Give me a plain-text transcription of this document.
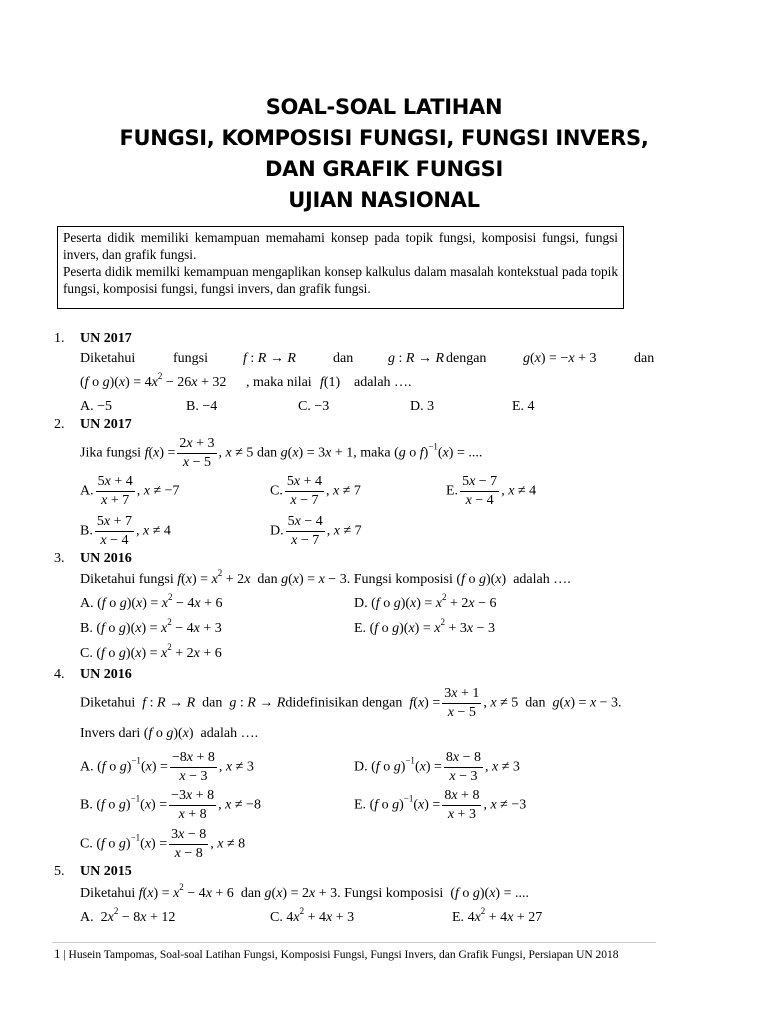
SOAL-SOAL LATIHAN
FUNGSI, KOMPOSISI FUNGSI, FUNGSI INVERS,
DAN GRAFIK FUNGSI
UJIAN NASIONAL

Peserta didik memiliki kemampuan memahami konsep pada topik fungsi, komposisi fungsi, fungsi invers, dan grafik fungsi.

Peserta didik memilki kemampuan mengaplikan konsep kalkulus dalam masalah kontekstual pada topik fungsi, komposisi fungsi, fungsi invers, dan grafik fungsi.

1. UN 2017
Diketahui	fungsi	f : R → R	dan g : R → R dengan	g(x) = −x + 3	dan
(f o $g)(x) = 4x^2 - 26x + 32$ , maka nilai f(1) adalah ….
A. −5	B. −4	C. −3	D. 3	E. 4
2. UN 2017
Jika fungsi $f(x) = \frac{2x + 3}{x - 5}$ , x ≠ 5 dan g(x) = 3x + 1, maka (g o f)$^{-1}$(x) = ....
A. $\frac{5x + 4}{x + 7}$ , x ≠ −7	C. $\frac{5x + 4}{x - 7}$ , x ≠ 7	E. $\frac{5x - 7}{x - 4}$ , x ≠ 4
B. $\frac{5x + 7}{x - 4}$ , x ≠ 4	D. $\frac{5x - 4}{x - 7}$ , x ≠ 7
3. UN 2016
Diketahui fungsi $f(x) = x^2 + 2x$ dan g(x) = x − 3. Fungsi komposisi (f o g)(x)  adalah ….
A. (f o $g)(x) = x^2 - 4x + 6$	D. (f o $g)(x) = x^2 + 2x - 6$
B. (f o $g)(x) = x^2 - 4x + 3$	E. (f o $g)(x) = x^2 + 3x - 3$
C. (f o $g)(x) = x^2 + 2x + 6$
4. UN 2016
Diketahui f : R → R dan g : R → Rdidefinisikan dengan $f(x) = \frac{3x + 1}{x - 5}$ , x ≠ 5  dan g(x) = x − 3.
Invers dari (f o g)(x)  adalah ….
A. (f o $g)^{-1}(x) = \frac{-8x + 8}{x - 3}$ , x ≠ 3	D. (f o $g)^{-1}(x) = \frac{8x - 8}{x - 3}$ , x ≠ 3
B. (f o $g)^{-1}(x) = \frac{-3x + 8}{x + 8}$ , x ≠ −8	E. (f o $g)^{-1}(x) = \frac{8x + 8}{x + 3}$ , x ≠ −3
C. (f o $g)^{-1}(x) = \frac{3x - 8}{x - 8}$ , x ≠ 8
5. UN 2015
Diketahui $f(x) = x^2 - 4x + 6$  dan g(x) = 2x + 3. Fungsi komposisi  (f o g)(x) = ....
A.  $2x^2 - 8x + 12$	C. $4x^2 + 4x + 3$	E. $4x^2 + 4x + 27$
1 | Husein Tampomas, Soal-soal Latihan Fungsi, Komposisi Fungsi, Fungsi Invers, dan Grafik Fungsi, Persiapan UN 2018
